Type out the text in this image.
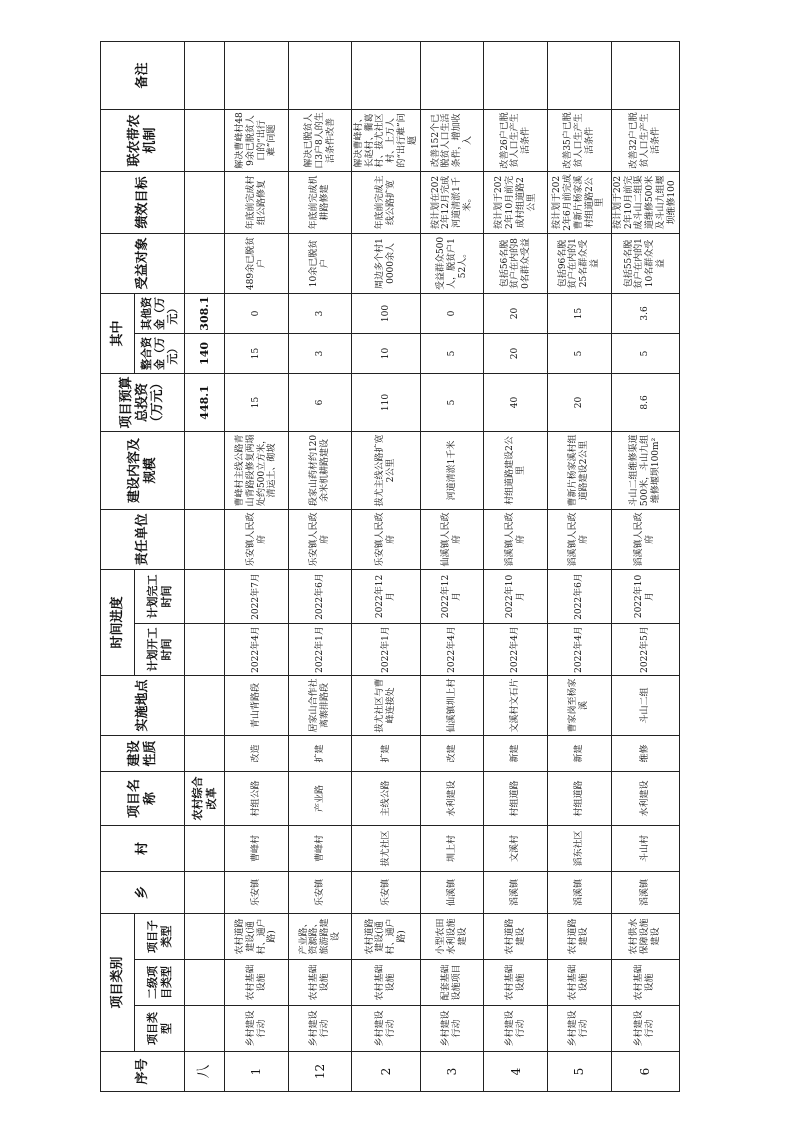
序号	项目类别			乡	村	项目名称	建设性质	实施地点	时间进度		责任单位	建设内容及规模	项目预算总投资（万元）	其中		受益对象	绩效目标	联农带农机制	备注
	项目类型	二级项目类型	项目子类型						计划开工时间	计划完工时间				整合资金（万元）	其他资金（万元）				
八						农村综合改革							448.1	140	308.1				
1	乡村建设行动	农村基础设施	农村道路建设(通村、通户路)	乐安镇	曹峰村	村组公路	改造	青山背路段	2022年4月	2022年7月	乐安镇人民政府	曹峰村主线公路青山背路段修复两塌处约500立方米，清运土、砌坡	15	15	0	489余已脱贫户	年底前完成村组公路修复	解决曹峰村489余已脱贫人口的“出行难”问题	
12	乡村建设行动	农村基础设施	产业路、资源路、旅游路建设	乐安镇	曹峰村	产业路	扩建	居家山合作社离寨排路段	2022年1月	2022年6月	乐安镇人民政府	段家山药材约120余米机耕路建设	6	3	3	10余已脱贫户	年底前完成机耕路修建	解决已脱贫人口3户8人的生活条件改善	
2	乡村建设行动	农村基础设施	农村道路建设(通村、通户路)	乐安镇	拔尤社区	主线公路	扩建	拔尤社区与曹峰连接处	2022年1月	2022年12月	乐安镇人民政府	拔尤主线公路扩宽2公里	110	10	100	周边多个村10000余人	年底前完成主线公路扩宽	解决曹峰村、长赵村、衢葛村、拔尤社区村、上万人的“出行难”问题	
3	乡村建设行动	配套基础设施项目	小型农田水利设施建设	仙溪镇	圳上村	水利建设	改建	仙溪镇圳上村	2022年4月	2022年12月	仙溪镇人民政府	河道清淤1千米	5	5	0	受益群众500人，脱贫户152人。	按计划在2022年12月完成河道清淤1千米。	改善152个已脱贫人口生活条件，增加收入	
4	乡村建设行动	农村基础设施	农村道路建设	滔溪镇	文溪村	村组道路	新建	文溪村文石片	2022年4月	2022年10月	滔溪镇人民政府	村组道路建设2公里	40	20	20	包括56名脱贫户在内的80名群众受益	按计划于2022年10月前完成村组道路2公里	改善26户已脱贫人口生产生活条件	
5	乡村建设行动	农村基础设施	农村道路建设	滔溪镇	滔东社区	村组道路	新建	曹家岗至杨家溪	2022年4月	2022年6月	滔溪镇人民政府	曹新片杨家溪村组道路建设2公里	20	5	15	包括96名脱贫户在内的125名群众受益	按计划于2022年6月前完成曹新片杨家溪村组道路2公里	改善35户已脱贫人口生产生活条件	
6	乡村建设行动	农村基础设施	农村供水保障设施建设	滔溪镇	斗山村	水利建设	维修	斗山二组	2022年5月	2022年10月	滔溪镇人民政府	斗山二组维修渠道500米，斗山九组维修堰坝100m²	8.6	5	3.6	包括55名脱贫户在内的110名群众受益	按计划于2022年10月前完成斗山二组渠道维修500米及斗山九组堰坝维修100	改善32户已脱贫人口生产生活条件	
